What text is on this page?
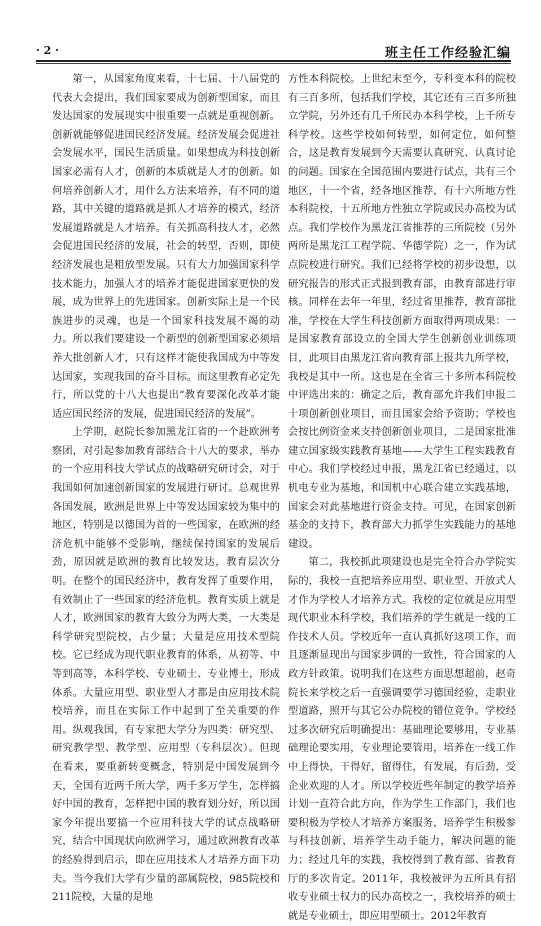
· 2 ·	班主任工作经验汇编

第一，从国家角度来看，十七届、十八届党的代表大会提出，我们国家要成为创新型国家，而且发达国家的发展现实中很重要一点就是重视创新。创新就能够促进国民经济发展。经济发展会促进社会发展水平，国民生活质量。如果想成为科技创新国家必需有人才，创新的本质就是人才的创新。如何培养创新人才，用什么方法来培养，有不同的道路，其中关键的道路就是抓人才培养的模式，经济发展道路就是人才培养。有关抓高科技人才，必然会促进国民经济的发展，社会的转型，否则，即使经济发展也是粗放型发展。只有大力加强国家科学技术能力，加强人才的培养才能促进国家更快的发展，成为世界上的先进国家。创新实际上是一个民族进步的灵魂，也是一个国家科技发展不竭的动力。所以我们要建设一个新型的创新型国家必须培养大批创新人才，只有这样才能使我国成为中等发达国家，实现我国的奋斗目标。而这里教育必定先行，所以党的十八大也提出“教育要深化改革才能适应国民经济的发展，促进国民经济的发展”。

上学期，赵院长参加黑龙江省的一个赴欧洲考察团，对引起参加教育部结合十八大的要求，举办的一个应用科技大学试点的战略研究研讨会，对于我国如何加速创新国家的发展进行研讨。总观世界各国发展，欧洲是世界上中等发达国家较为集中的地区，特别是以德国为首的一些国家，在欧洲的经济危机中能够不受影响，继续保持国家的发展后劲，原因就是欧洲的教育比较发达，教育层次分明。在整个的国民经济中，教育发挥了重要作用，有效制止了一些国家的经济危机。教育实质上就是人才，欧洲国家的教育大致分为两大类，一大类是科学研究型院校，占少量；大量是应用技术型院校。它已经成为现代职业教育的体系，从初等、中等到高等，本科学校、专业硕士、专业博士，形成体系。大量应用型、职业型人才都是由应用技术院校培养，而且在实际工作中起到了至关重要的作用。纵观我国，有专家把大学分为四类：研究型、研究教学型、教学型、应用型（专科层次）。但现在看来，要重新转变概念，特别是中国发展到今天，全国有近两千所大学，两千多万学生，怎样搞好中国的教育，怎样把中国的教育划分好，所以国家今年提出要搞一个应用科技大学的试点战略研究，结合中国现状向欧洲学习，通过欧洲教育改革的经验得到启示，即在应用技术人才培养方面下功夫。当今我们大学有少量的部属院校，985院校和211院校，大量的是地

方性本科院校。上世纪末至今，专科变本科的院校有三百多所，包括我们学校，其它还有三百多所独立学院，另外还有几千所民办本科学校，上千所专科学校。这些学校如何转型，如何定位，如何整合，这是教育发展到今天需要认真研究、认真讨论的问题。国家在全国范围内要进行试点，共有三个地区，十一个省，经各地区推荐，有十六所地方性本科院校，十五所地方性独立学院或民办高校为试点。我们学校作为黑龙江省推荐的三所院校（另外两所是黑龙江工程学院、华德学院）之一，作为试点院校进行研究。我们已经将学校的初步设想，以研究报告的形式正式报到教育部，由教育部进行审核。同样在去年一年里，经过省里推荐，教育部批准，学校在大学生科技创新方面取得两项成果：一是国家教育部设立的全国大学生创新创业训练项目，此项目由黑龙江省向教育部上报共九所学校，我校是其中一所。这也是在全省三十多所本科院校中评选出来的：确定之后，教育部允许我们申报二十项创新创业项目，而且国家会给予资助；学校也会按比例资金来支持创新创业项目，二是国家批准建立国家级实践教育基地——大学生工程实践教育中心。我们学校经过申报，黑龙江省已经通过，以机电专业为基地，和国机中心联合建立实践基地，国家会对此基地进行资金支持。可见，在国家创新基金的支持下，教育部大力抓学生实践能力的基地建设。

第二，我校抓此项建设也是完全符合办学院实际的，我校一直把培养应用型、职业型、开放式人才作为学校人才培养方式。我校的定位就是应用型现代职业本科学校，我们培养的学生就是一线的工作技术人员。学校近年一直认真抓好这项工作，而且逐渐显现出与国家步调的一致性，符合国家的人政方针政策。说明我们在这些方面思想超前，赵奇院长来学校之后一直强调要学习德国经验，走职业型道路，照开与其它公办院校的错位竞争。学校经过多次研究后明确提出：基础理论要够用，专业基础理论要实用，专业理论要管用，培养在一线工作中上得快，干得好，留得住，有发展，有后劲，受企业欢迎的人才。所以学校近些年制定的教学培养计划一直符合此方向，作为学生工作部门，我们也要积极为学校人才培养方案服务，培养学生积极参与科技创新，培养学生动手能力，解决问题的能力；经过几年的实践，我校得到了教育部、省教育厅的多次肯定。2011年，我校被评为五所具有招收专业硕士权力的民办高校之一，我校培养的硕士就是专业硕士，即应用型硕士。2012年教育
